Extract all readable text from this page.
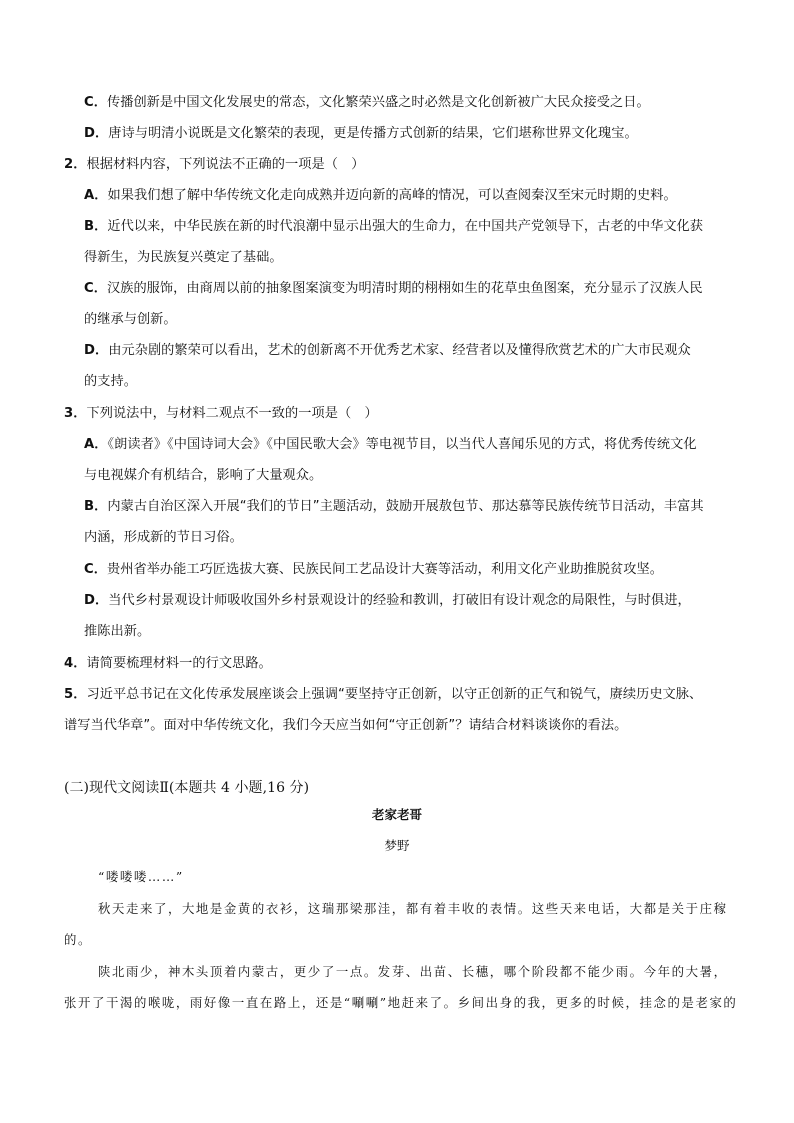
C．传播创新是中国文化发展史的常态，文化繁荣兴盛之时必然是文化创新被广大民众接受之日。
D．唐诗与明清小说既是文化繁荣的表现，更是传播方式创新的结果，它们堪称世界文化瑰宝。
2．根据材料内容，下列说法不正确的一项是（　）
A．如果我们想了解中华传统文化走向成熟并迈向新的高峰的情况，可以查阅秦汉至宋元时期的史料。
B．近代以来，中华民族在新的时代浪潮中显示出强大的生命力，在中国共产党领导下，古老的中华文化获
得新生，为民族复兴奠定了基础。
C．汉族的服饰，由商周以前的抽象图案演变为明清时期的栩栩如生的花草虫鱼图案，充分显示了汉族人民
的继承与创新。
D．由元杂剧的繁荣可以看出，艺术的创新离不开优秀艺术家、经营者以及懂得欣赏艺术的广大市民观众
的支持。
3．下列说法中，与材料二观点不一致的一项是（　）
A．《朗读者》《中国诗词大会》《中国民歌大会》等电视节目，以当代人喜闻乐见的方式，将优秀传统文化
与电视媒介有机结合，影响了大量观众。
B．内蒙古自治区深入开展“我们的节日”主题活动，鼓励开展敖包节、那达慕等民族传统节日活动，丰富其
内涵，形成新的节日习俗。
C．贵州省举办能工巧匠选拔大赛、民族民间工艺品设计大赛等活动，利用文化产业助推脱贫攻坚。
D．当代乡村景观设计师吸收国外乡村景观设计的经验和教训，打破旧有设计观念的局限性，与时俱进，
推陈出新。
4．请简要梳理材料一的行文思路。
5．习近平总书记在文化传承发展座谈会上强调“要坚持守正创新，以守正创新的正气和锐气，赓续历史文脉、
谱写当代华章”。面对中华传统文化，我们今天应当如何“守正创新”？请结合材料谈谈你的看法。
(二)现代文阅读Ⅱ(本题共 4 小题,16 分)
老家老哥
梦野
“喽喽喽……”
秋天走来了，大地是金黄的衣衫，这瑞那梁那洼，都有着丰收的表情。这些天来电话，大都是关于庄稼
的。
陕北雨少，神木头顶着内蒙古，更少了一点。发芽、出苗、长穗，哪个阶段都不能少雨。今年的大暑，
张开了干渴的喉咙，雨好像一直在路上，还是“唰唰”地赶来了。乡间出身的我，更多的时候，挂念的是老家的
